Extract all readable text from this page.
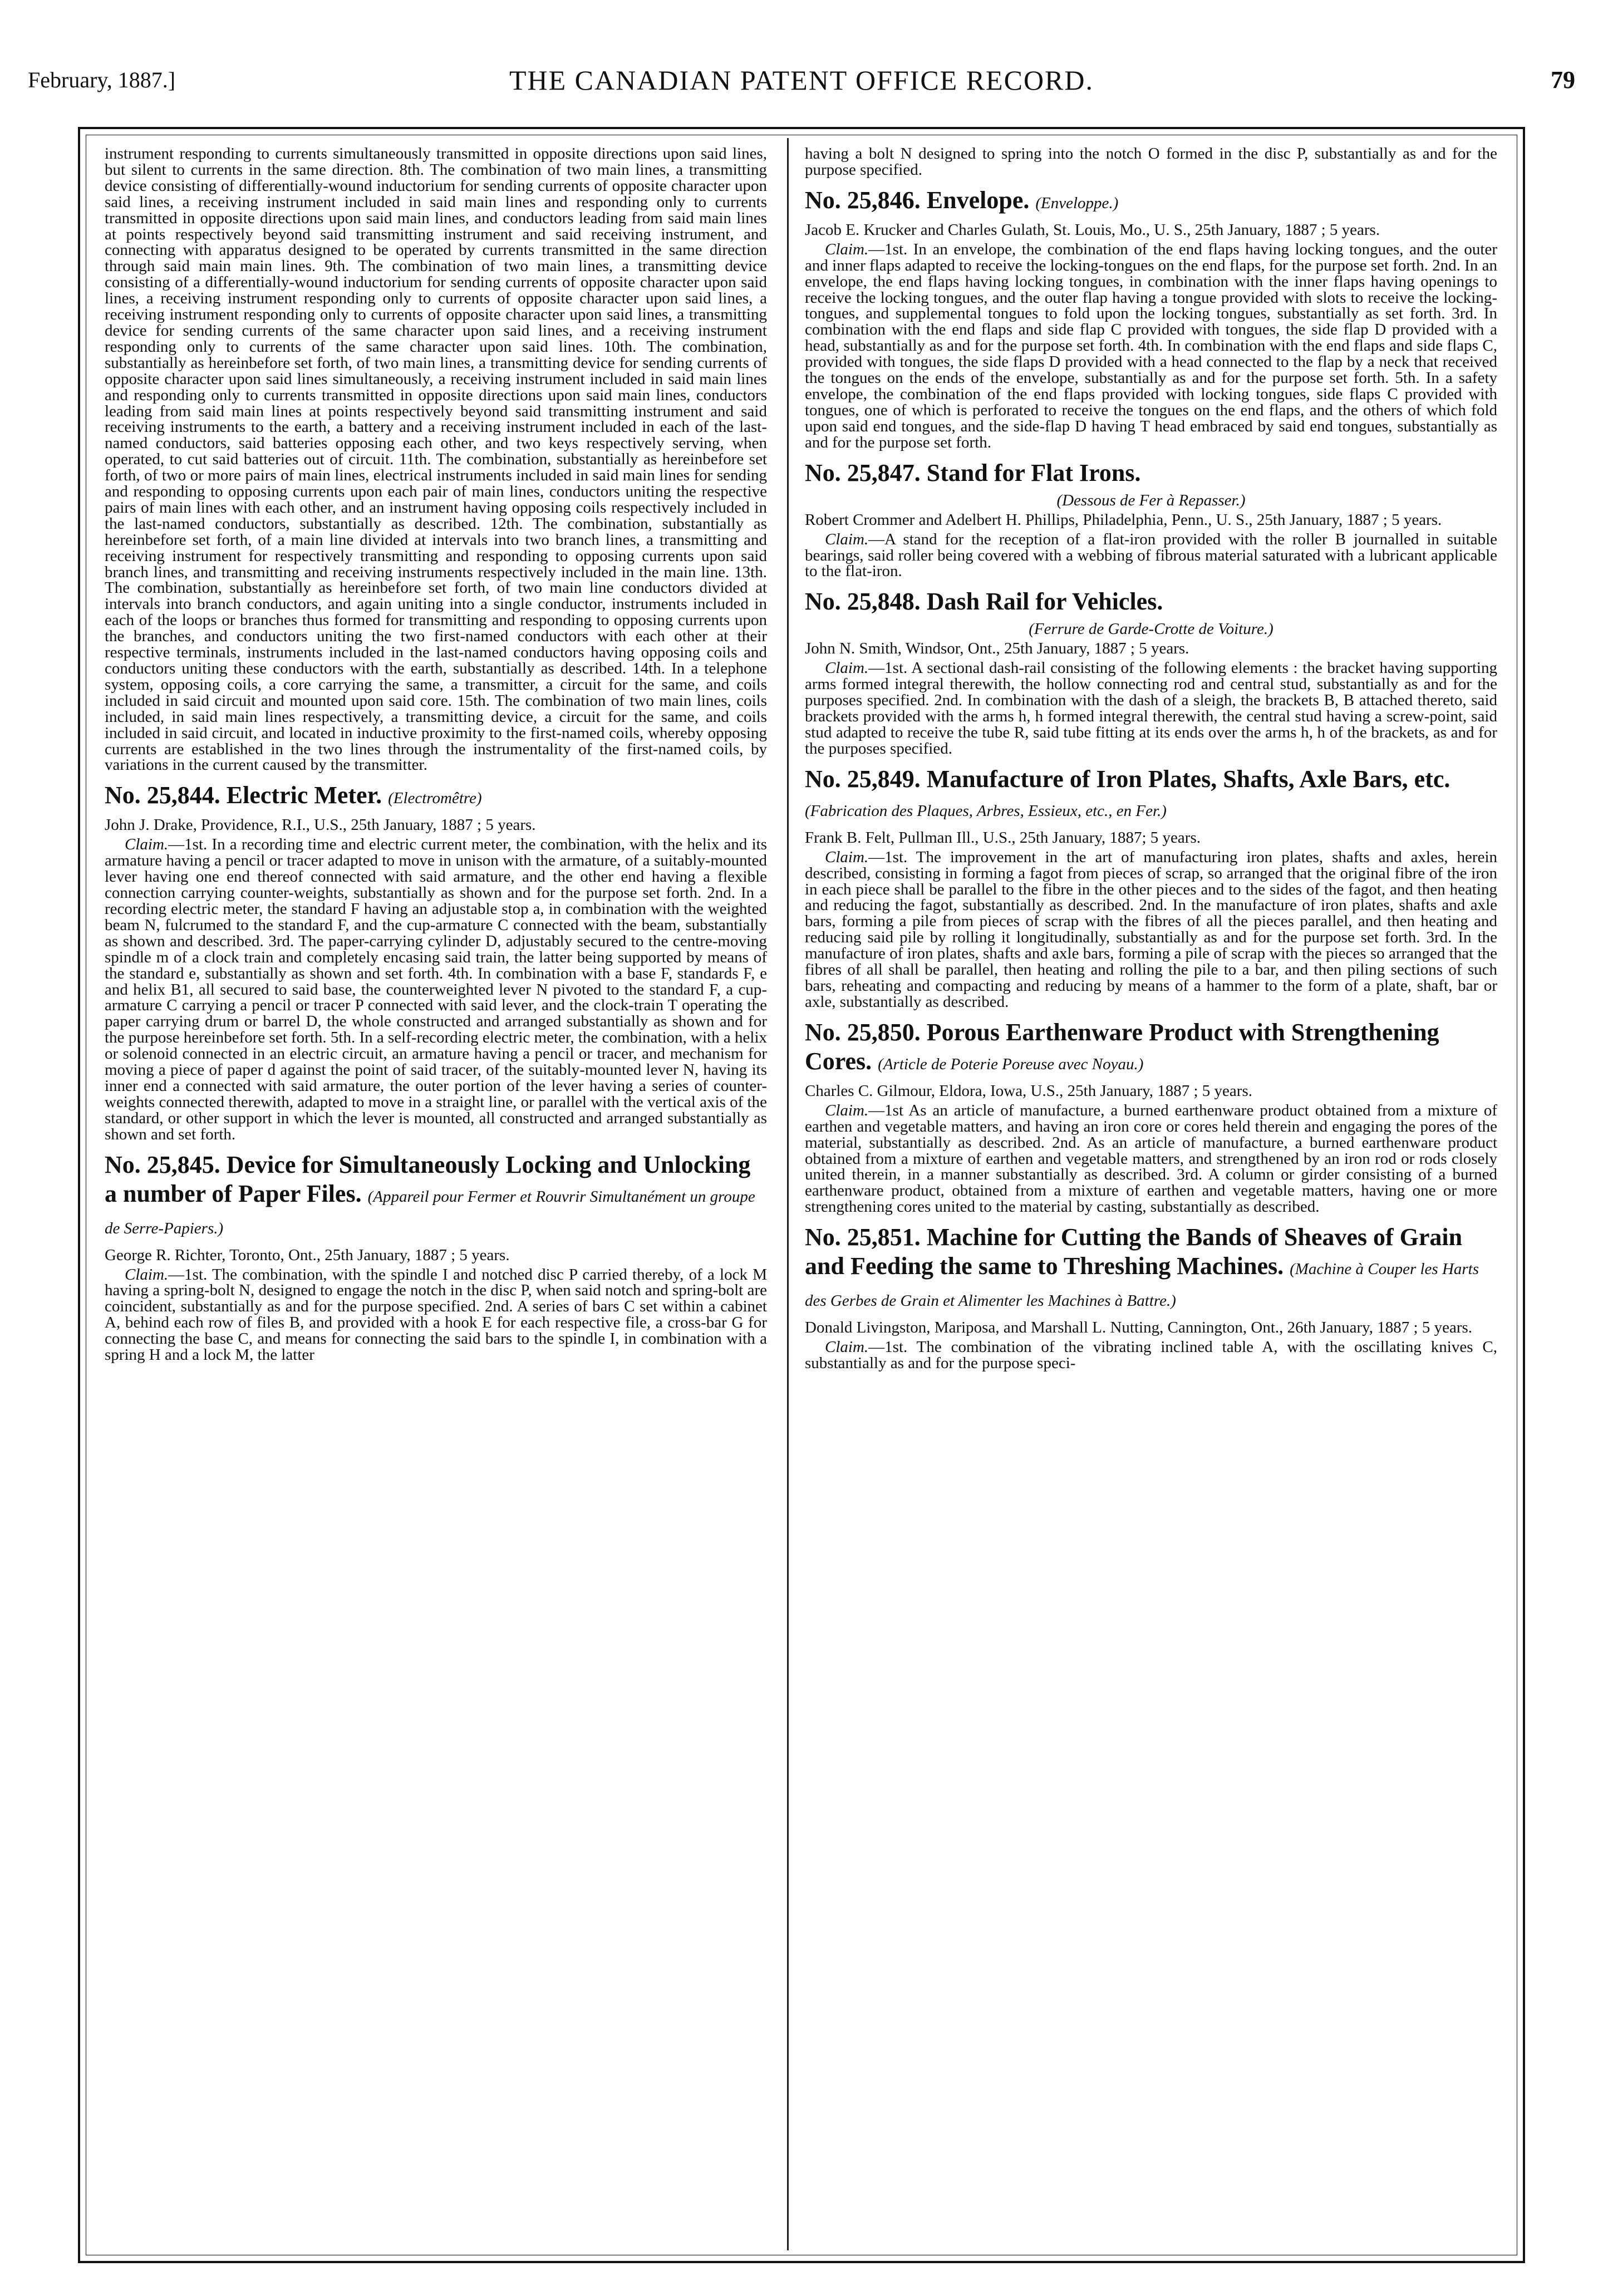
February, 1887.]	THE CANADIAN PATENT OFFICE RECORD.	79

instrument responding to currents simultaneously transmitted in opposite directions upon said lines, but silent to currents in the same direction. 8th. The combination of two main lines, a transmitting device consisting of differentially-wound inductorium for sending currents of opposite character upon said lines, a receiving instrument included in said main lines and responding only to currents transmitted in opposite directions upon said main lines, and conductors leading from said main lines at points respectively beyond said transmitting instrument and said receiving instrument, and connecting with apparatus designed to be operated by currents transmitted in the same direction through said main main lines. 9th. The combination of two main lines, a transmitting device consisting of a differentially-wound inductorium for sending currents of opposite character upon said lines, a receiving instrument responding only to currents of opposite character upon said lines, a receiving instrument responding only to currents of opposite character upon said lines, a transmitting device for sending currents of the same character upon said lines, and a receiving instrument responding only to currents of the same character upon said lines. 10th. The combination, substantially as hereinbefore set forth, of two main lines, a transmitting device for sending currents of opposite character upon said lines simultaneously, a receiving instrument included in said main lines and responding only to currents transmitted in opposite directions upon said main lines, conductors leading from said main lines at points respectively beyond said transmitting instrument and said receiving instruments to the earth, a battery and a receiving instrument included in each of the last-named conductors, said batteries opposing each other, and two keys respectively serving, when operated, to cut said batteries out of circuit. 11th. The combination, substantially as hereinbefore set forth, of two or more pairs of main lines, electrical instruments included in said main lines for sending and responding to opposing currents upon each pair of main lines, conductors uniting the respective pairs of main lines with each other, and an instrument having opposing coils respectively included in the last-named conductors, substantially as described. 12th. The combination, substantially as hereinbefore set forth, of a main line divided at intervals into two branch lines, a transmitting and receiving instrument for respectively transmitting and responding to opposing currents upon said branch lines, and transmitting and receiving instruments respectively included in the main line. 13th. The combination, substantially as hereinbefore set forth, of two main line conductors divided at intervals into branch conductors, and again uniting into a single conductor, instruments included in each of the loops or branches thus formed for transmitting and responding to opposing currents upon the branches, and conductors uniting the two first-named conductors with each other at their respective terminals, instruments included in the last-named conductors having opposing coils and conductors uniting these conductors with the earth, substantially as described. 14th. In a telephone system, opposing coils, a core carrying the same, a transmitter, a circuit for the same, and coils included in said circuit and mounted upon said core. 15th. The combination of two main lines, coils included, in said main lines respectively, a transmitting device, a circuit for the same, and coils included in said circuit, and located in inductive proximity to the first-named coils, whereby opposing currents are established in the two lines through the instrumentality of the first-named coils, by variations in the current caused by the transmitter.

No. 25,844. Electric Meter. (Electromêtre)

John J. Drake, Providence, R.I., U.S., 25th January, 1887 ; 5 years.

Claim.—1st. In a recording time and electric current meter, the combination, with the helix and its armature having a pencil or tracer adapted to move in unison with the armature, of a suitably-mounted lever having one end thereof connected with said armature, and the other end having a flexible connection carrying counter-weights, substantially as shown and for the purpose set forth. 2nd. In a recording electric meter, the standard F having an adjustable stop a, in combination with the weighted beam N, fulcrumed to the standard F, and the cup-armature C connected with the beam, substantially as shown and described. 3rd. The paper-carrying cylinder D, adjustably secured to the centre-moving spindle m of a clock train and completely encasing said train, the latter being supported by means of the standard e, substantially as shown and set forth. 4th. In combination with a base F, standards F, e and helix B1, all secured to said base, the counterweighted lever N pivoted to the standard F, a cup-armature C carrying a pencil or tracer P connected with said lever, and the clock-train T operating the paper carrying drum or barrel D, the whole constructed and arranged substantially as shown and for the purpose hereinbefore set forth. 5th. In a self-recording electric meter, the combination, with a helix or solenoid connected in an electric circuit, an armature having a pencil or tracer, and mechanism for moving a piece of paper d against the point of said tracer, of the suitably-mounted lever N, having its inner end a connected with said armature, the outer portion of the lever having a series of counter-weights connected therewith, adapted to move in a straight line, or parallel with the vertical axis of the standard, or other support in which the lever is mounted, all constructed and arranged substantially as shown and set forth.

No. 25,845. Device for Simultaneously Locking and Unlocking a number of Paper Files. (Appareil pour Fermer et Rouvrir Simultanément un groupe de Serre-Papiers.)

George R. Richter, Toronto, Ont., 25th January, 1887 ; 5 years.

Claim.—1st. The combination, with the spindle I and notched disc P carried thereby, of a lock M having a spring-bolt N, designed to engage the notch in the disc P, when said notch and spring-bolt are coincident, substantially as and for the purpose specified. 2nd. A series of bars C set within a cabinet A, behind each row of files B, and provided with a hook E for each respective file, a cross-bar G for connecting the base C, and means for connecting the said bars to the spindle I, in combination with a spring H and a lock M, the latter

having a bolt N designed to spring into the notch O formed in the disc P, substantially as and for the purpose specified.

No. 25,846. Envelope. (Enveloppe.)

Jacob E. Krucker and Charles Gulath, St. Louis, Mo., U. S., 25th January, 1887 ; 5 years.

Claim.—1st. In an envelope, the combination of the end flaps having locking tongues, and the outer and inner flaps adapted to receive the locking-tongues on the end flaps, for the purpose set forth. 2nd. In an envelope, the end flaps having locking tongues, in combination with the inner flaps having openings to receive the locking tongues, and the outer flap having a tongue provided with slots to receive the locking-tongues, and supplemental tongues to fold upon the locking tongues, substantially as set forth. 3rd. In combination with the end flaps and side flap C provided with tongues, the side flap D provided with a head, substantially as and for the purpose set forth. 4th. In combination with the end flaps and side flaps C, provided with tongues, the side flaps D provided with a head connected to the flap by a neck that received the tongues on the ends of the envelope, substantially as and for the purpose set forth. 5th. In a safety envelope, the combination of the end flaps provided with locking tongues, side flaps C provided with tongues, one of which is perforated to receive the tongues on the end flaps, and the others of which fold upon said end tongues, and the side-flap D having T head embraced by said end tongues, substantially as and for the purpose set forth.

No. 25,847. Stand for Flat Irons.

(Dessous de Fer à Repasser.)

Robert Crommer and Adelbert H. Phillips, Philadelphia, Penn., U. S., 25th January, 1887 ; 5 years.

Claim.—A stand for the reception of a flat-iron provided with the roller B journalled in suitable bearings, said roller being covered with a webbing of fibrous material saturated with a lubricant applicable to the flat-iron.

No. 25,848. Dash Rail for Vehicles.

(Ferrure de Garde-Crotte de Voiture.)

John N. Smith, Windsor, Ont., 25th January, 1887 ; 5 years.

Claim.—1st. A sectional dash-rail consisting of the following elements : the bracket having supporting arms formed integral therewith, the hollow connecting rod and central stud, substantially as and for the purposes specified. 2nd. In combination with the dash of a sleigh, the brackets B, B attached thereto, said brackets provided with the arms h, h formed integral therewith, the central stud having a screw-point, said stud adapted to receive the tube R, said tube fitting at its ends over the arms h, h of the brackets, as and for the purposes specified.

No. 25,849. Manufacture of Iron Plates, Shafts, Axle Bars, etc. (Fabrication des Plaques, Arbres, Essieux, etc., en Fer.)

Frank B. Felt, Pullman Ill., U.S., 25th January, 1887; 5 years.

Claim.—1st. The improvement in the art of manufacturing iron plates, shafts and axles, herein described, consisting in forming a fagot from pieces of scrap, so arranged that the original fibre of the iron in each piece shall be parallel to the fibre in the other pieces and to the sides of the fagot, and then heating and reducing the fagot, substantially as described. 2nd. In the manufacture of iron plates, shafts and axle bars, forming a pile from pieces of scrap with the fibres of all the pieces parallel, and then heating and reducing said pile by rolling it longitudinally, substantially as and for the purpose set forth. 3rd. In the manufacture of iron plates, shafts and axle bars, forming a pile of scrap with the pieces so arranged that the fibres of all shall be parallel, then heating and rolling the pile to a bar, and then piling sections of such bars, reheating and compacting and reducing by means of a hammer to the form of a plate, shaft, bar or axle, substantially as described.

No. 25,850. Porous Earthenware Product with Strengthening Cores. (Article de Poterie Poreuse avec Noyau.)

Charles C. Gilmour, Eldora, Iowa, U.S., 25th January, 1887 ; 5 years.

Claim.—1st As an article of manufacture, a burned earthenware product obtained from a mixture of earthen and vegetable matters, and having an iron core or cores held therein and engaging the pores of the material, substantially as described. 2nd. As an article of manufacture, a burned earthenware product obtained from a mixture of earthen and vegetable matters, and strengthened by an iron rod or rods closely united therein, in a manner substantially as described. 3rd. A column or girder consisting of a burned earthenware product, obtained from a mixture of earthen and vegetable matters, having one or more strengthening cores united to the material by casting, substantially as described.

No. 25,851. Machine for Cutting the Bands of Sheaves of Grain and Feeding the same to Threshing Machines. (Machine à Couper les Harts des Gerbes de Grain et Alimenter les Machines à Battre.)

Donald Livingston, Mariposa, and Marshall L. Nutting, Cannington, Ont., 26th January, 1887 ; 5 years.

Claim.—1st. The combination of the vibrating inclined table A, with the oscillating knives C, substantially as and for the purpose speci-
